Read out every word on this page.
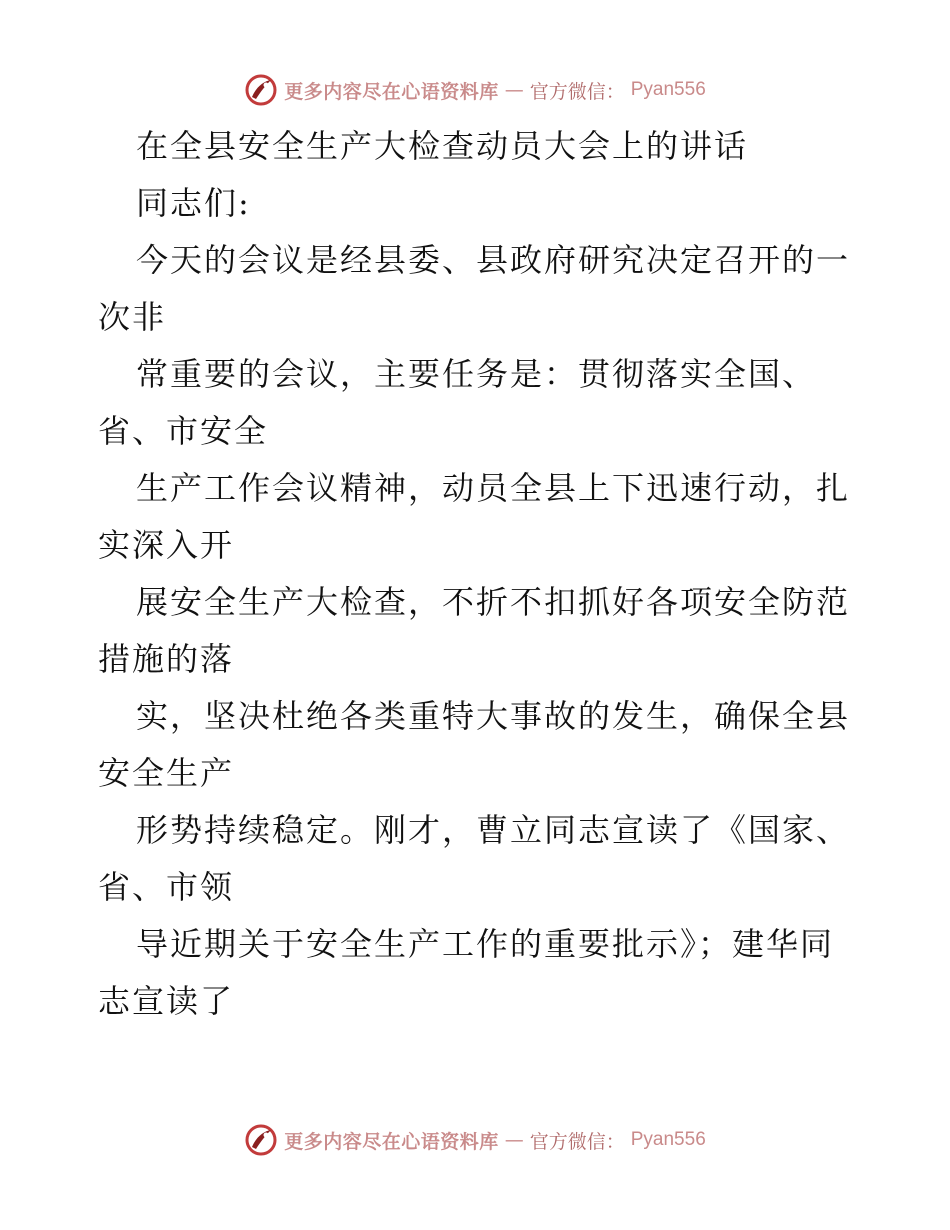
更多内容尽在心语资料库 — 官方微信： Pyan556
在全县安全生产大检查动员大会上的讲话
同志们:
今天的会议是经县委、县政府研究决定召开的一
次非
常重要的会议，主要任务是：贯彻落实全国、
省、市安全
生产工作会议精神，动员全县上下迅速行动，扎
实深入开
展安全生产大检查，不折不扣抓好各项安全防范
措施的落
实，坚决杜绝各类重特大事故的发生，确保全县
安全生产
形势持续稳定。刚才，曹立同志宣读了《国家、
省、市领
导近期关于安全生产工作的重要批示》；建华同
志宣读了
更多内容尽在心语资料库 — 官方微信： Pyan556
